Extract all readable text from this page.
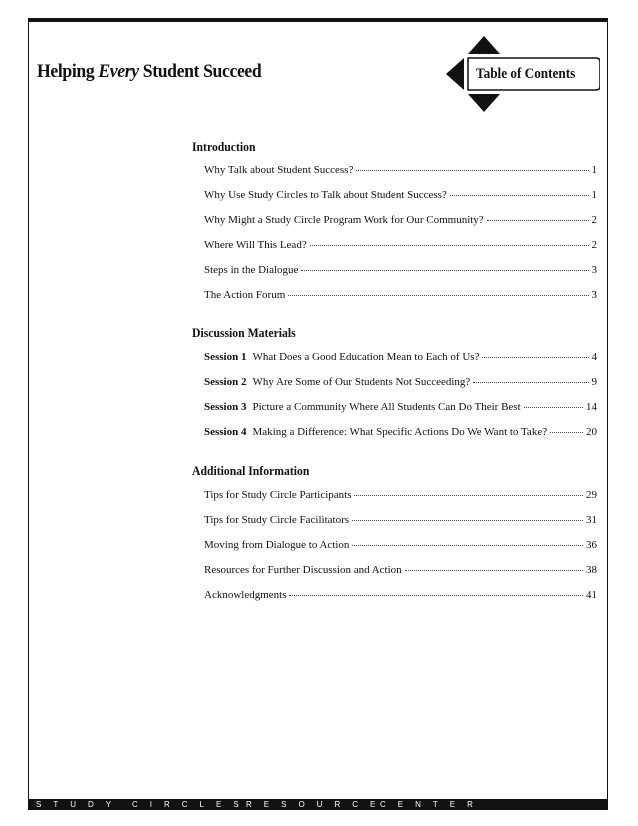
Helping Every Student Succeed	Table of Contents
Introduction
Why Talk about Student Success?	1
Why Use Study Circles to Talk about Student Success?	1
Why Might a Study Circle Program Work for Our Community?	2
Where Will This Lead?	2
Steps in the Dialogue	3
The Action Forum	3
Discussion Materials
Session 1 What Does a Good Education Mean to Each of Us?	4
Session 2 Why Are Some of Our Students Not Succeeding?	9
Session 3 Picture a Community Where All Students Can Do Their Best	14
Session 4 Making a Difference: What Specific Actions Do We Want to Take?	20
Additional Information
Tips for Study Circle Participants	29
Tips for Study Circle Facilitators	31
Moving from Dialogue to Action	36
Resources for Further Discussion and Action	38
Acknowledgments	41
STUDY CIRCLES
RESOURCE
CENTER
